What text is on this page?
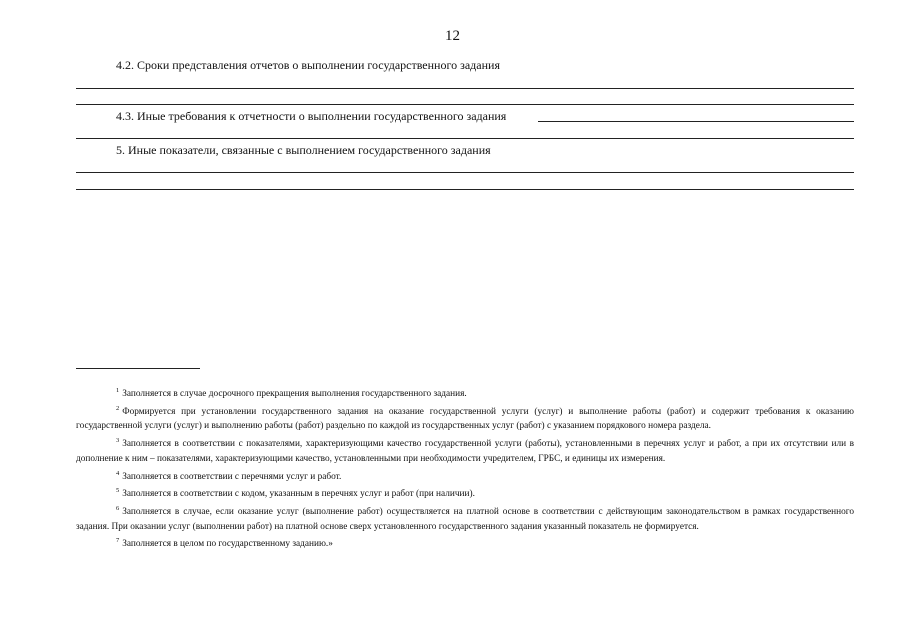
12
4.2. Сроки представления отчетов о выполнении государственного задания
4.3. Иные требования к отчетности о выполнении государственного задания
5. Иные показатели, связанные с выполнением государственного задания

$^1$ Заполняется в случае досрочного прекращения выполнения государственного задания.

$^2$ Формируется при установлении государственного задания на оказание государственной услуги (услуг) и выполнение работы (работ) и содержит требования к оказанию государственной услуги (услуг) и выполнению работы (работ) раздельно по каждой из государственных услуг (работ) с указанием порядкового номера раздела.

$^3$ Заполняется в соответствии с показателями, характеризующими качество государственной услуги (работы), установленными в перечнях услуг и работ, а при их отсутствии или в дополнение к ним – показателями, характеризующими качество, установленными при необходимости учредителем, ГРБС, и единицы их измерения.

$^4$ Заполняется в соответствии с перечнями услуг и работ.

$^5$ Заполняется в соответствии с кодом, указанным в перечнях услуг и работ (при наличии).

$^6$ Заполняется в случае, если оказание услуг (выполнение работ) осуществляется на платной основе в соответствии с действующим законодательством в рамках государственного задания. При оказании услуг (выполнении работ) на платной основе сверх установленного государственного задания указанный показатель не формируется.

$^7$ Заполняется в целом по государственному заданию.»
